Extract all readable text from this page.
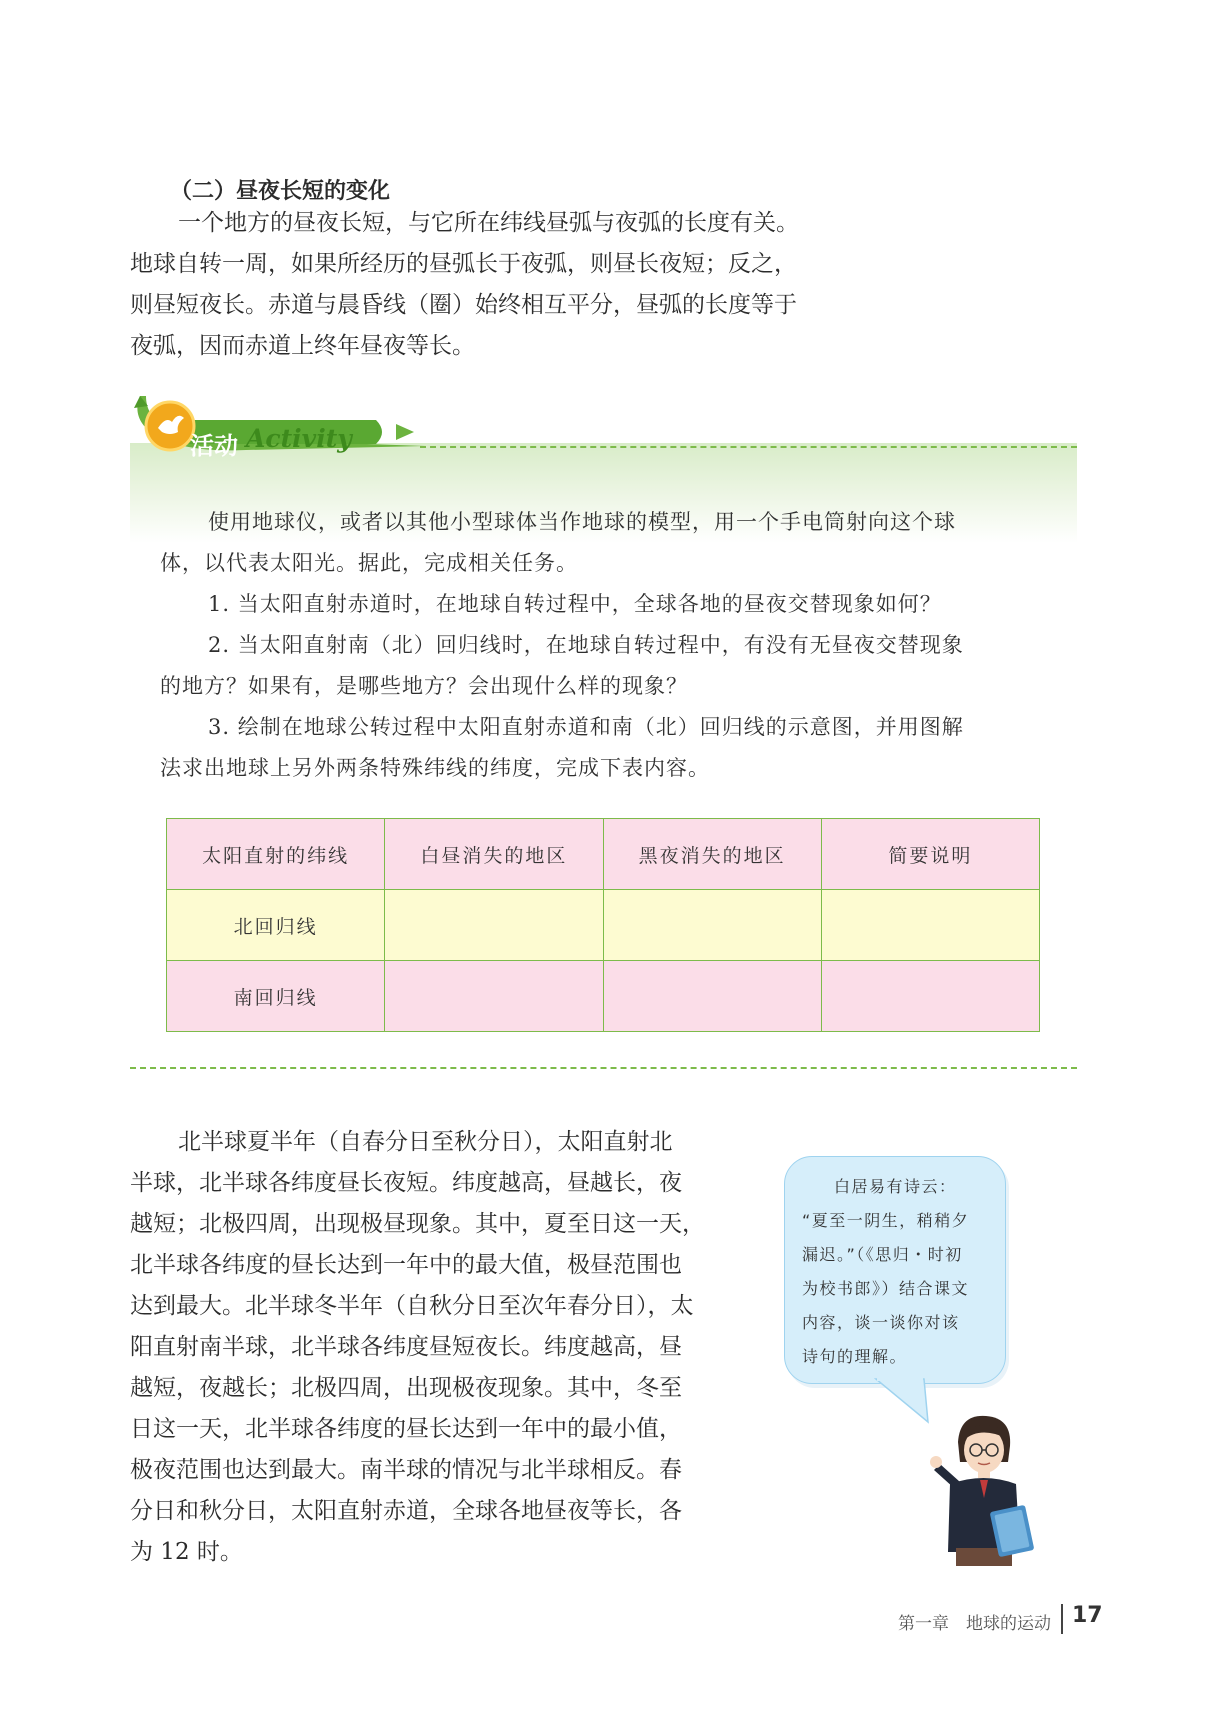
（二）昼夜长短的变化

一个地方的昼夜长短，与它所在纬线昼弧与夜弧的长度有关。

地球自转一周，如果所经历的昼弧长于夜弧，则昼长夜短；反之，

则昼短夜长。赤道与晨昏线（圈）始终相互平分，昼弧的长度等于

夜弧，因而赤道上终年昼夜等长。

活动 Activity

使用地球仪，或者以其他小型球体当作地球的模型，用一个手电筒射向这个球

体，以代表太阳光。据此，完成相关任务。

1. 当太阳直射赤道时，在地球自转过程中，全球各地的昼夜交替现象如何？

2. 当太阳直射南（北）回归线时，在地球自转过程中，有没有无昼夜交替现象

的地方？如果有，是哪些地方？会出现什么样的现象？

3. 绘制在地球公转过程中太阳直射赤道和南（北）回归线的示意图，并用图解

法求出地球上另外两条特殊纬线的纬度，完成下表内容。

太阳直射的纬线	白昼消失的地区	黑夜消失的地区	简要说明
北回归线			
南回归线			

北半球夏半年（自春分日至秋分日），太阳直射北

半球，北半球各纬度昼长夜短。纬度越高，昼越长，夜

越短；北极四周，出现极昼现象。其中，夏至日这一天，

北半球各纬度的昼长达到一年中的最大值，极昼范围也

达到最大。北半球冬半年（自秋分日至次年春分日），太

阳直射南半球，北半球各纬度昼短夜长。纬度越高，昼

越短，夜越长；北极四周，出现极夜现象。其中，冬至

日这一天，北半球各纬度的昼长达到一年中的最小值，

极夜范围也达到最大。南半球的情况与北半球相反。春

分日和秋分日，太阳直射赤道，全球各地昼夜等长，各

为 12 时。

白居易有诗云：

“夏至一阴生，稍稍夕

漏迟。”（《思归・时初

为校书郎》）结合课文

内容，谈一谈你对该

诗句的理解。

第一章　地球的运动 17
